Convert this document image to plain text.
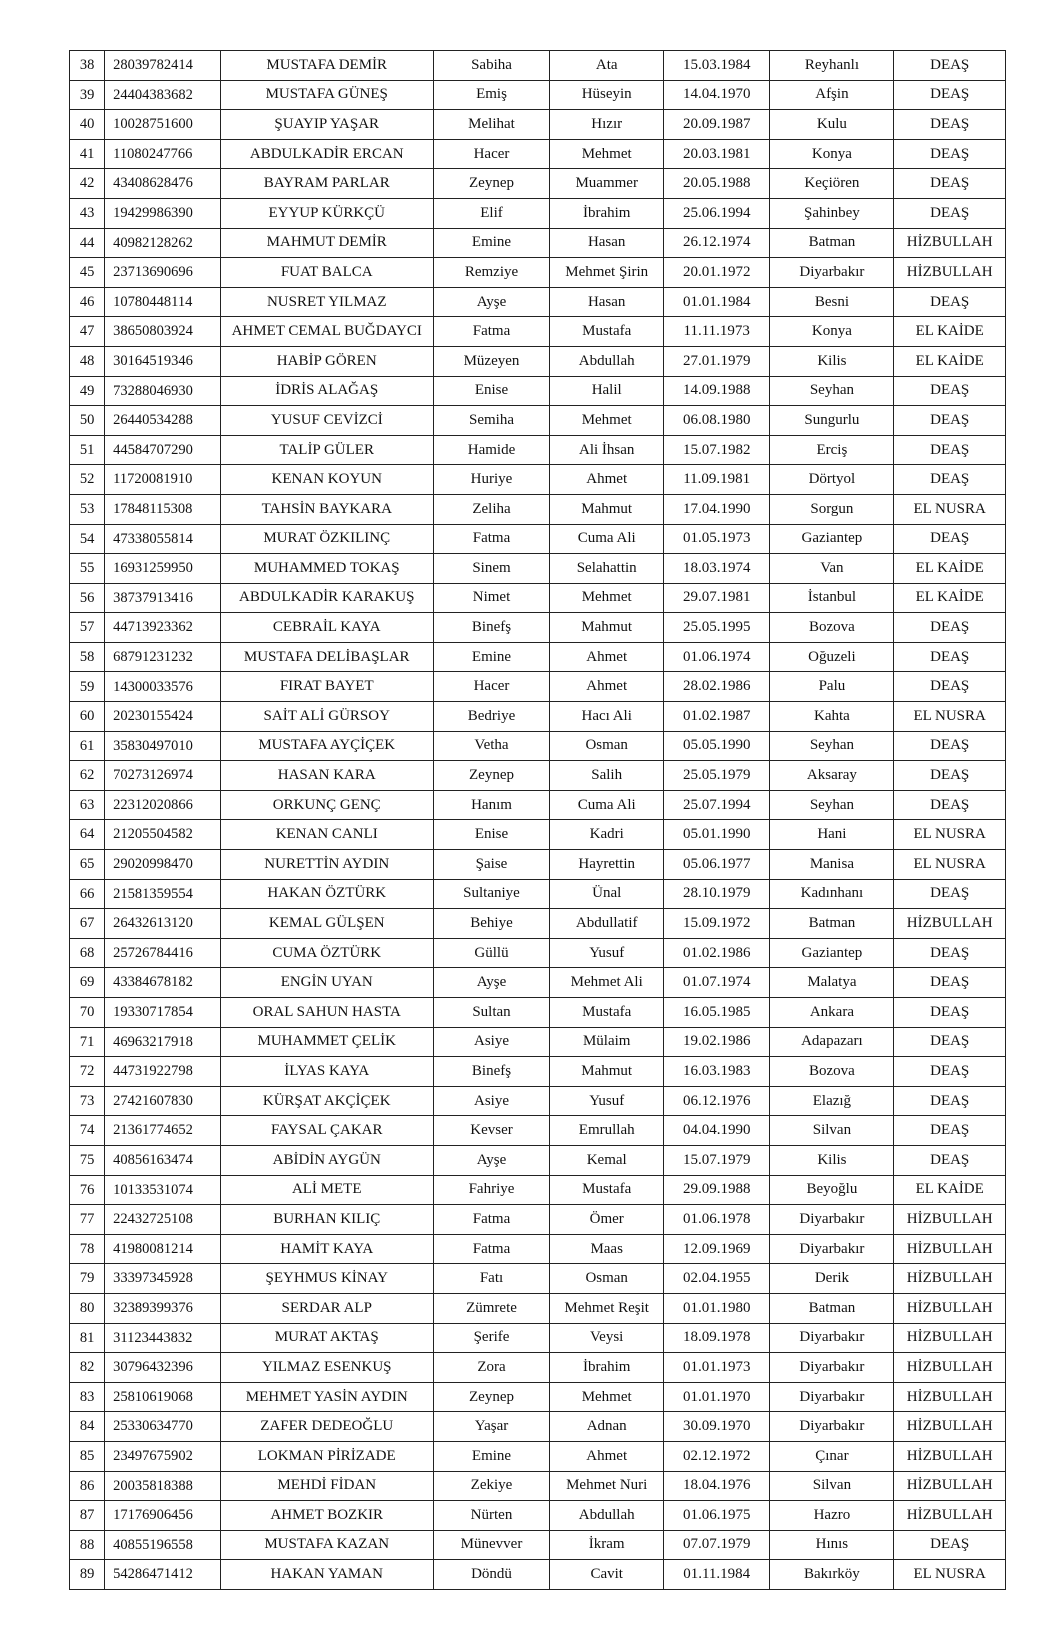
38	28039782414	MUSTAFA DEMİR	Sabiha	Ata	15.03.1984	Reyhanlı	DEAŞ
39	24404383682	MUSTAFA GÜNEŞ	Emiş	Hüseyin	14.04.1970	Afşin	DEAŞ
40	10028751600	ŞUAYIP YAŞAR	Melihat	Hızır	20.09.1987	Kulu	DEAŞ
41	11080247766	ABDULKADİR ERCAN	Hacer	Mehmet	20.03.1981	Konya	DEAŞ
42	43408628476	BAYRAM PARLAR	Zeynep	Muammer	20.05.1988	Keçiören	DEAŞ
43	19429986390	EYYUP KÜRKÇÜ	Elif	İbrahim	25.06.1994	Şahinbey	DEAŞ
44	40982128262	MAHMUT DEMİR	Emine	Hasan	26.12.1974	Batman	HİZBULLAH
45	23713690696	FUAT BALCA	Remziye	Mehmet Şirin	20.01.1972	Diyarbakır	HİZBULLAH
46	10780448114	NUSRET YILMAZ	Ayşe	Hasan	01.01.1984	Besni	DEAŞ
47	38650803924	AHMET CEMAL BUĞDAYCI	Fatma	Mustafa	11.11.1973	Konya	EL KAİDE
48	30164519346	HABİP GÖREN	Müzeyen	Abdullah	27.01.1979	Kilis	EL KAİDE
49	73288046930	İDRİS ALAĞAŞ	Enise	Halil	14.09.1988	Seyhan	DEAŞ
50	26440534288	YUSUF CEVİZCİ	Semiha	Mehmet	06.08.1980	Sungurlu	DEAŞ
51	44584707290	TALİP GÜLER	Hamide	Ali İhsan	15.07.1982	Erciş	DEAŞ
52	11720081910	KENAN KOYUN	Huriye	Ahmet	11.09.1981	Dörtyol	DEAŞ
53	17848115308	TAHSİN BAYKARA	Zeliha	Mahmut	17.04.1990	Sorgun	EL NUSRA
54	47338055814	MURAT ÖZKILINÇ	Fatma	Cuma Ali	01.05.1973	Gaziantep	DEAŞ
55	16931259950	MUHAMMED TOKAŞ	Sinem	Selahattin	18.03.1974	Van	EL KAİDE
56	38737913416	ABDULKADİR KARAKUŞ	Nimet	Mehmet	29.07.1981	İstanbul	EL KAİDE
57	44713923362	CEBRAİL KAYA	Binefş	Mahmut	25.05.1995	Bozova	DEAŞ
58	68791231232	MUSTAFA DELİBAŞLAR	Emine	Ahmet	01.06.1974	Oğuzeli	DEAŞ
59	14300033576	FIRAT BAYET	Hacer	Ahmet	28.02.1986	Palu	DEAŞ
60	20230155424	SAİT ALİ GÜRSOY	Bedriye	Hacı Ali	01.02.1987	Kahta	EL NUSRA
61	35830497010	MUSTAFA AYÇİÇEK	Vetha	Osman	05.05.1990	Seyhan	DEAŞ
62	70273126974	HASAN KARA	Zeynep	Salih	25.05.1979	Aksaray	DEAŞ
63	22312020866	ORKUNÇ GENÇ	Hanım	Cuma Ali	25.07.1994	Seyhan	DEAŞ
64	21205504582	KENAN CANLI	Enise	Kadri	05.01.1990	Hani	EL NUSRA
65	29020998470	NURETTİN AYDIN	Şaise	Hayrettin	05.06.1977	Manisa	EL NUSRA
66	21581359554	HAKAN ÖZTÜRK	Sultaniye	Ünal	28.10.1979	Kadınhanı	DEAŞ
67	26432613120	KEMAL GÜLŞEN	Behiye	Abdullatif	15.09.1972	Batman	HİZBULLAH
68	25726784416	CUMA ÖZTÜRK	Güllü	Yusuf	01.02.1986	Gaziantep	DEAŞ
69	43384678182	ENGİN UYAN	Ayşe	Mehmet Ali	01.07.1974	Malatya	DEAŞ
70	19330717854	ORAL SAHUN HASTA	Sultan	Mustafa	16.05.1985	Ankara	DEAŞ
71	46963217918	MUHAMMET ÇELİK	Asiye	Mülaim	19.02.1986	Adapazarı	DEAŞ
72	44731922798	İLYAS KAYA	Binefş	Mahmut	16.03.1983	Bozova	DEAŞ
73	27421607830	KÜRŞAT AKÇİÇEK	Asiye	Yusuf	06.12.1976	Elazığ	DEAŞ
74	21361774652	FAYSAL ÇAKAR	Kevser	Emrullah	04.04.1990	Silvan	DEAŞ
75	40856163474	ABİDİN AYGÜN	Ayşe	Kemal	15.07.1979	Kilis	DEAŞ
76	10133531074	ALİ METE	Fahriye	Mustafa	29.09.1988	Beyoğlu	EL KAİDE
77	22432725108	BURHAN KILIÇ	Fatma	Ömer	01.06.1978	Diyarbakır	HİZBULLAH
78	41980081214	HAMİT KAYA	Fatma	Maas	12.09.1969	Diyarbakır	HİZBULLAH
79	33397345928	ŞEYHMUS KİNAY	Fatı	Osman	02.04.1955	Derik	HİZBULLAH
80	32389399376	SERDAR ALP	Zümrete	Mehmet Reşit	01.01.1980	Batman	HİZBULLAH
81	31123443832	MURAT AKTAŞ	Şerife	Veysi	18.09.1978	Diyarbakır	HİZBULLAH
82	30796432396	YILMAZ ESENKUŞ	Zora	İbrahim	01.01.1973	Diyarbakır	HİZBULLAH
83	25810619068	MEHMET YASİN AYDIN	Zeynep	Mehmet	01.01.1970	Diyarbakır	HİZBULLAH
84	25330634770	ZAFER DEDEOĞLU	Yaşar	Adnan	30.09.1970	Diyarbakır	HİZBULLAH
85	23497675902	LOKMAN PİRİZADE	Emine	Ahmet	02.12.1972	Çınar	HİZBULLAH
86	20035818388	MEHDİ FİDAN	Zekiye	Mehmet Nuri	18.04.1976	Silvan	HİZBULLAH
87	17176906456	AHMET BOZKIR	Nürten	Abdullah	01.06.1975	Hazro	HİZBULLAH
88	40855196558	MUSTAFA KAZAN	Münevver	İkram	07.07.1979	Hınıs	DEAŞ
89	54286471412	HAKAN YAMAN	Döndü	Cavit	01.11.1984	Bakırköy	EL NUSRA
